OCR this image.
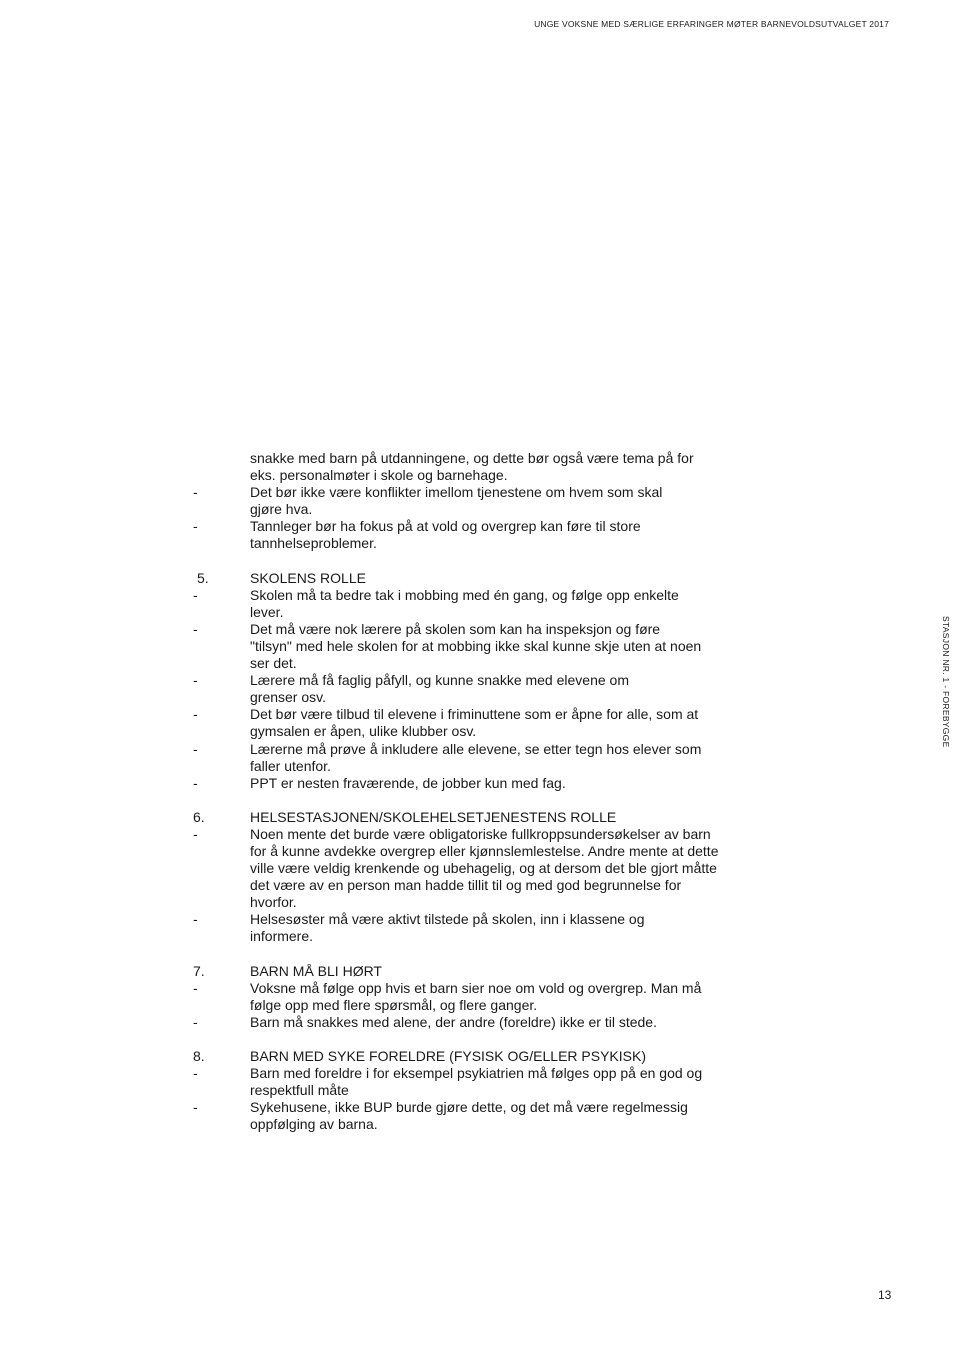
UNGE VOKSNE MED SÆRLIGE ERFARINGER MØTER BARNEVOLDSUTVALGET 2017
STASJON NR. 1 - FOREBYGGE
snakke med barn på utdanningene, og dette bør også være tema på for eks. personalmøter i skole og barnehage.
-	Det bør ikke være konflikter imellom tjenestene om hvem som skal gjøre hva.
-	Tannleger bør ha fokus på at vold og overgrep kan føre til store tannhelseproblemer.
5.	SKOLENS ROLLE
-	Skolen må ta bedre tak i mobbing med én gang, og følge opp enkelte lever.
-	Det må være nok lærere på skolen som kan ha inspeksjon og føre "tilsyn" med hele skolen for at mobbing ikke skal kunne skje uten at noen ser det.
-	Lærere må få faglig påfyll, og kunne snakke med elevene om grenser osv.
-	Det bør være tilbud til elevene i friminuttene som er åpne for alle, som at gymsalen er åpen, ulike klubber osv.
-	Lærerne må prøve å inkludere alle elevene, se etter tegn hos elever som faller utenfor.
-	PPT er nesten fraværende, de jobber kun med fag.
6.	HELSESTASJONEN/SKOLEHELSETJENESTENS ROLLE
-	Noen mente det burde være obligatoriske fullkroppsundersøkelser av barn for å kunne avdekke overgrep eller kjønnslemlestelse. Andre mente at dette ville være veldig krenkende og ubehagelig, og at dersom det ble gjort måtte det være av en person man hadde tillit til og med god begrunnelse for hvorfor.
-	Helsesøster må være aktivt tilstede på skolen, inn i klassene og informere.
7.	BARN MÅ BLI HØRT
-	Voksne må følge opp hvis et barn sier noe om vold og overgrep. Man må følge opp med flere spørsmål, og flere ganger.
-	Barn må snakkes med alene, der andre (foreldre) ikke er til stede.
8.	BARN MED SYKE FORELDRE (FYSISK OG/ELLER PSYKISK)
-	Barn med foreldre i for eksempel psykiatrien må følges opp på en god og respektfull måte
-	Sykehusene, ikke BUP burde gjøre dette, og det må være regelmessig oppfølging av barna.
13
